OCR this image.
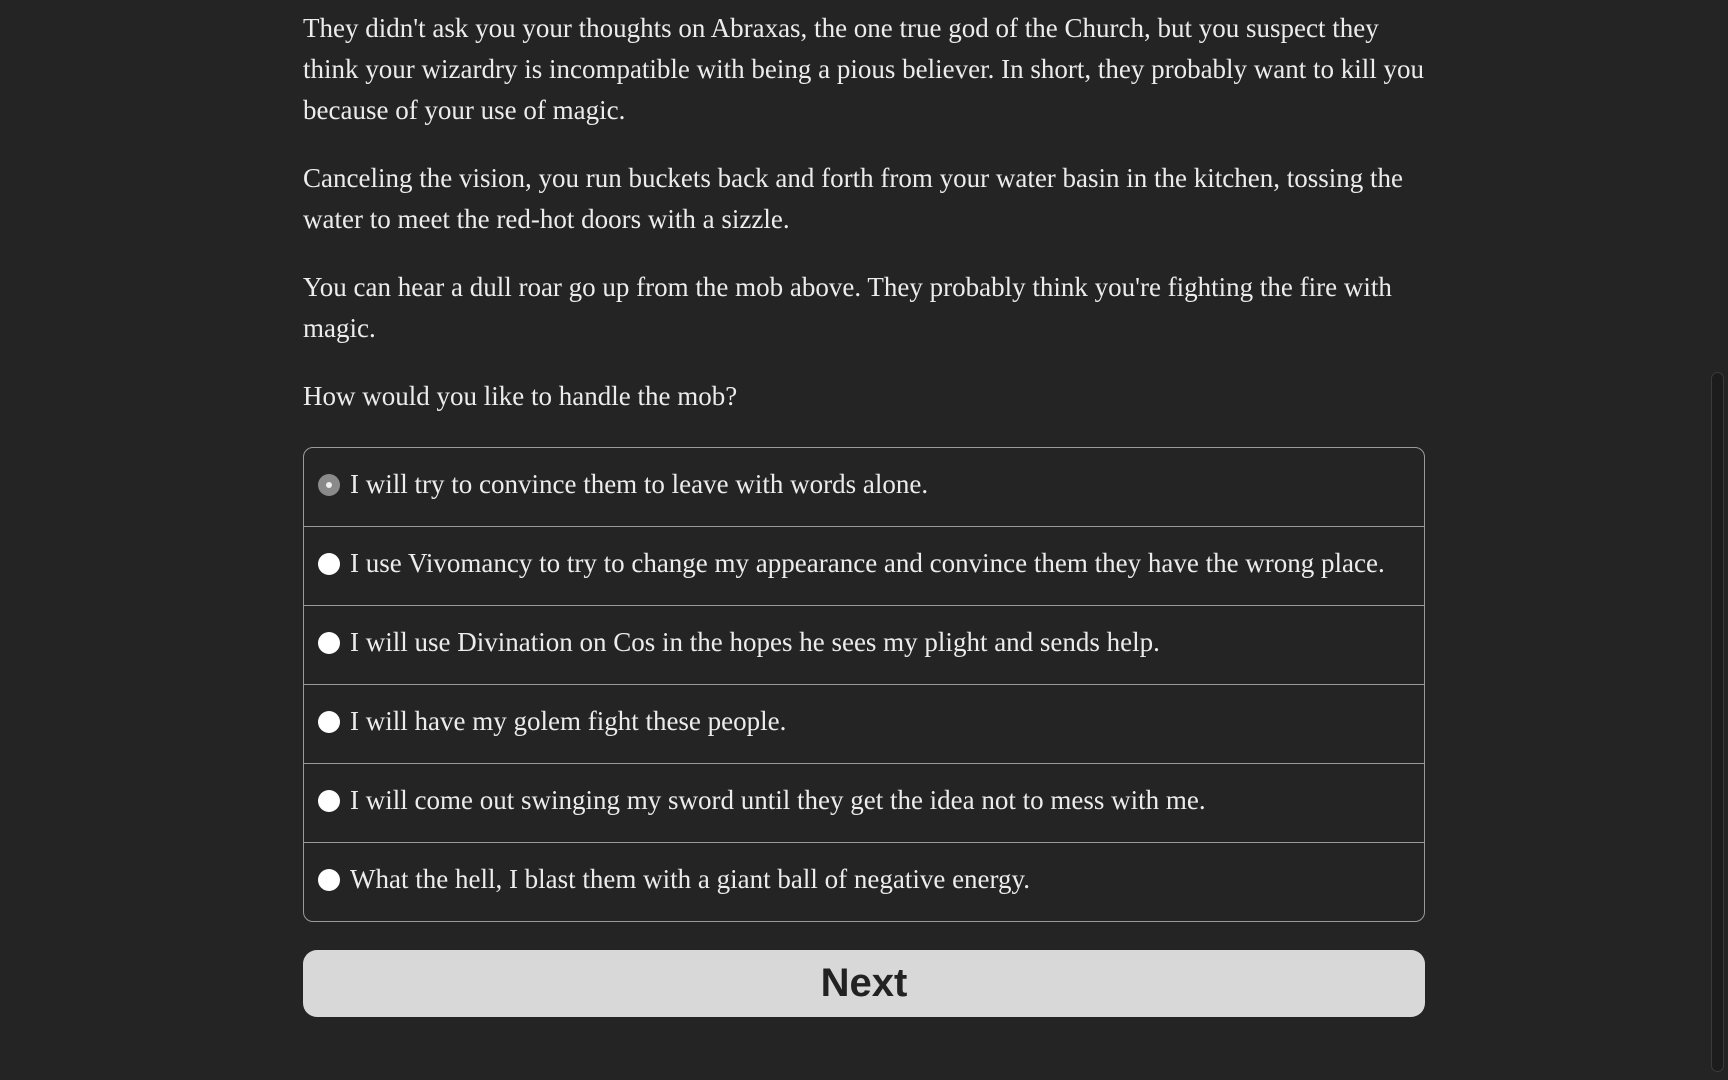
They didn't ask you your thoughts on Abraxas, the one true god of the Church, but you suspect they think your wizardry is incompatible with being a pious believer. In short, they probably want to kill you because of your use of magic.

Canceling the vision, you run buckets back and forth from your water basin in the kitchen, tossing the water to meet the red-hot doors with a sizzle.

You can hear a dull roar go up from the mob above. They probably think you're fighting the fire with magic.

How would you like to handle the mob?

I will try to convince them to leave with words alone.
I use Vivomancy to try to change my appearance and convince them they have the wrong place.
I will use Divination on Cos in the hopes he sees my plight and sends help.
I will have my golem fight these people.
I will come out swinging my sword until they get the idea not to mess with me.
What the hell, I blast them with a giant ball of negative energy.
Next
